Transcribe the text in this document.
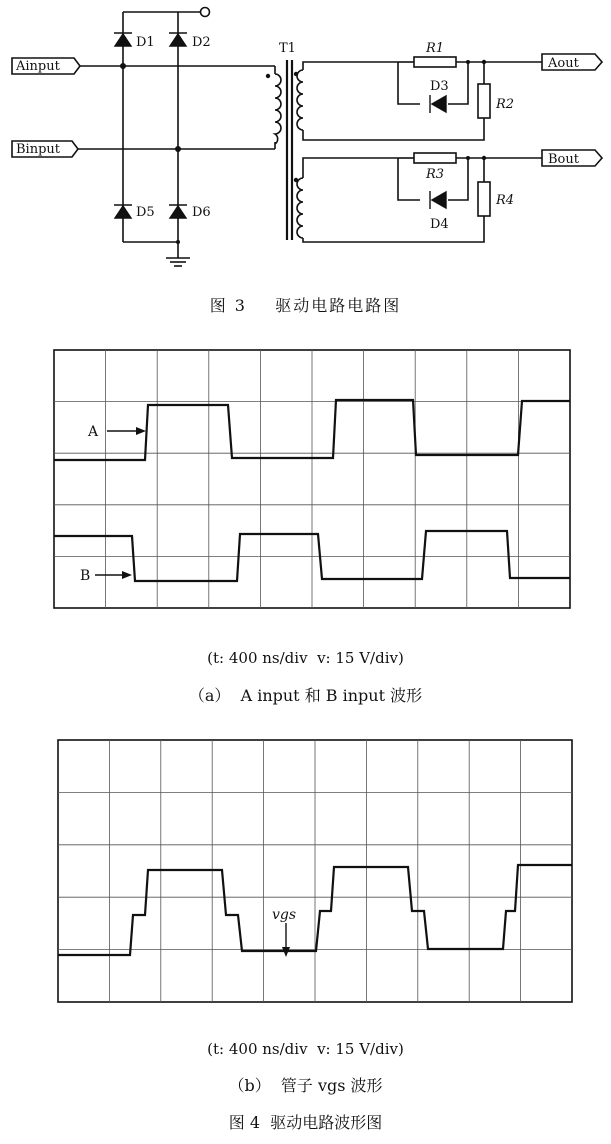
Ainput
Binput
Aout
Bout
D1	D2
D5	D6
D3
D4
T1	R1
R2
R3
R4
图 3    驱动电路电路图
A
B
(t: 400 ns/div  v: 15 V/div)
（a）  A input 和 B input 波形
vgs
(t: 400 ns/div  v: 15 V/div)
（b）  管子 vgs 波形
图 4  驱动电路波形图
